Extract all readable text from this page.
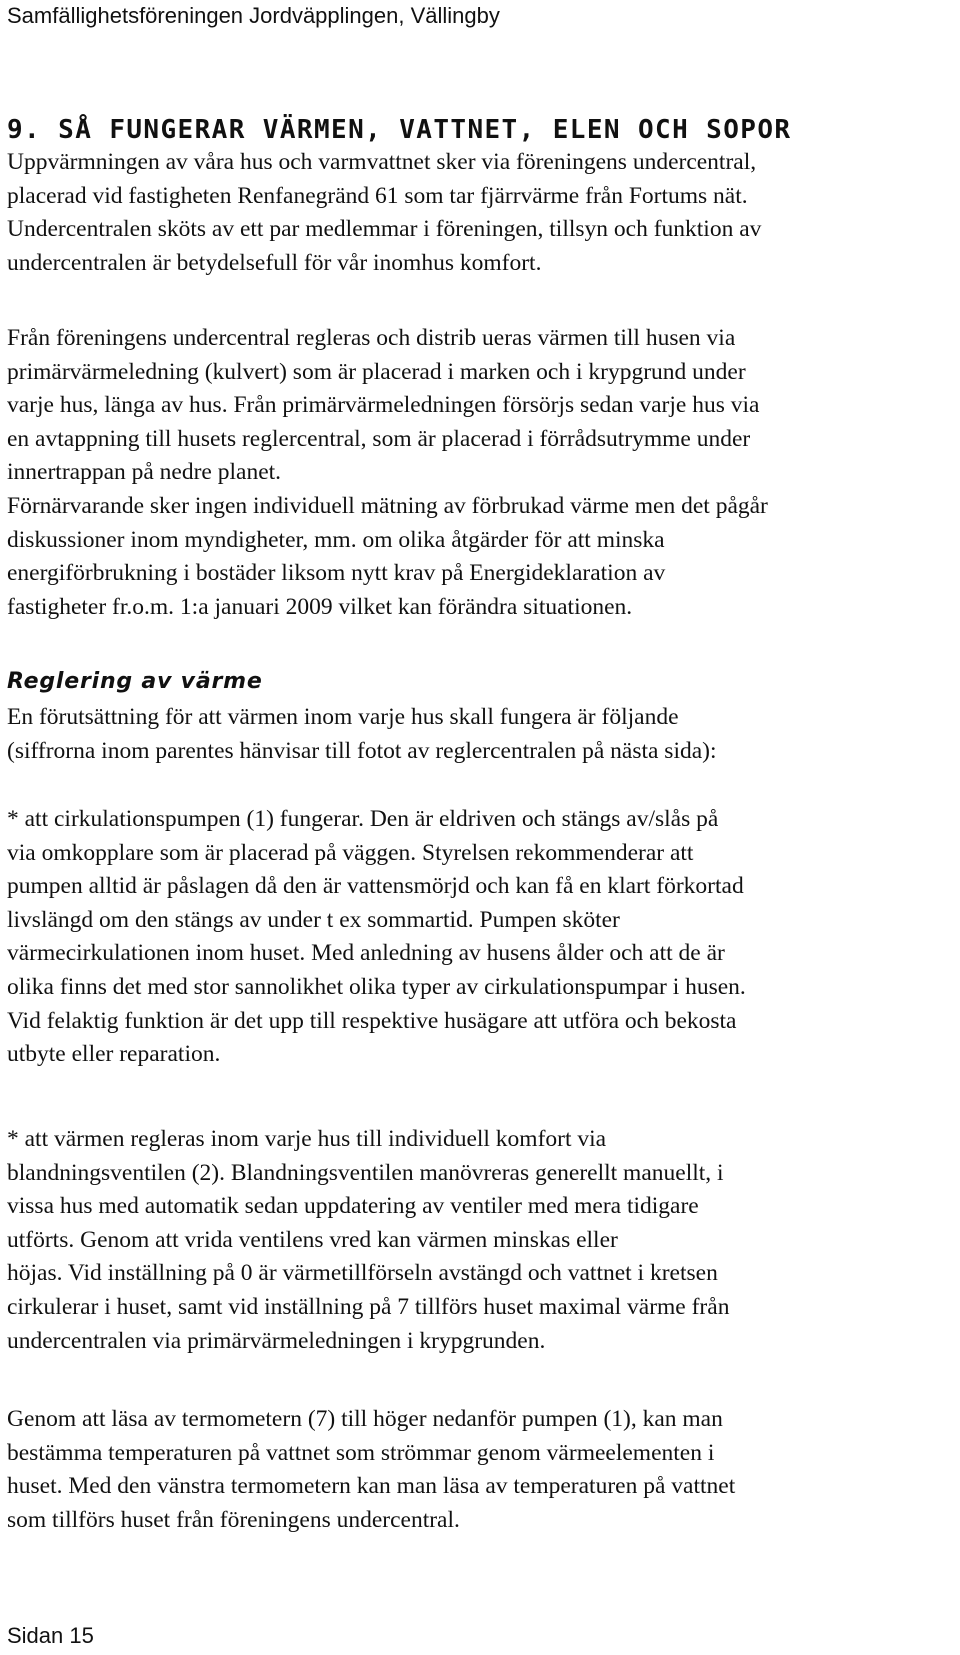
Samfällighetsföreningen Jordväpplingen, Vällingby
9. SÅ FUNGERAR VÄRMEN, VATTNET, ELEN OCH SOPOR

Uppvärmningen av våra hus och varmvattnet sker via föreningens undercentral,

placerad vid fastigheten Renfanegränd 61 som tar fjärrvärme från Fortums nät.

Undercentralen sköts av ett par medlemmar i föreningen, tillsyn och funktion av

undercentralen är betydelsefull för vår inomhus komfort.

Från föreningens undercentral regleras och distrib ueras värmen till husen via

primärvärmeledning (kulvert) som är placerad i marken och i krypgrund under

varje hus, länga av hus. Från primärvärmeledningen försörjs sedan varje hus via

en avtappning till husets reglercentral, som är placerad i förrådsutrymme under

innertrappan på nedre planet.

Förnärvarande sker ingen individuell mätning av förbrukad värme men det pågår

diskussioner inom myndigheter, mm. om olika åtgärder för att minska

energiförbrukning i bostäder liksom nytt krav på Energideklaration av

fastigheter fr.o.m. 1:a januari 2009 vilket kan förändra situationen.

Reglering av värme

En förutsättning för att värmen inom varje hus skall fungera är följande

(siffrorna inom parentes hänvisar till fotot av reglercentralen på nästa sida):

* att cirkulationspumpen (1) fungerar. Den är eldriven och stängs av/slås på

via omkopplare som är placerad på väggen. Styrelsen rekommenderar att

pumpen alltid är påslagen då den är vattensmörjd och kan få en klart förkortad

livslängd om den stängs av under t ex sommartid. Pumpen sköter

värmecirkulationen inom huset. Med anledning av husens ålder och att de är

olika finns det med stor sannolikhet olika typer av cirkulationspumpar i husen.

Vid felaktig funktion är det upp till respektive husägare att utföra och bekosta

utbyte eller reparation.

* att värmen regleras inom varje hus till individuell komfort via

blandningsventilen (2). Blandningsventilen manövreras generellt manuellt, i

vissa hus med automatik sedan uppdatering av ventiler med mera tidigare

utförts. Genom att vrida ventilens vred kan värmen minskas eller

höjas. Vid inställning på 0 är värmetillförseln avstängd och vattnet i kretsen

cirkulerar i huset, samt vid inställning på 7 tillförs huset maximal värme från

undercentralen via primärvärmeledningen i krypgrunden.

Genom att läsa av termometern (7) till höger nedanför pumpen (1), kan man

bestämma temperaturen på vattnet som strömmar genom värmeelementen i

huset. Med den vänstra termometern kan man läsa av temperaturen på vattnet

som tillförs huset från föreningens undercentral.

Sidan 15
